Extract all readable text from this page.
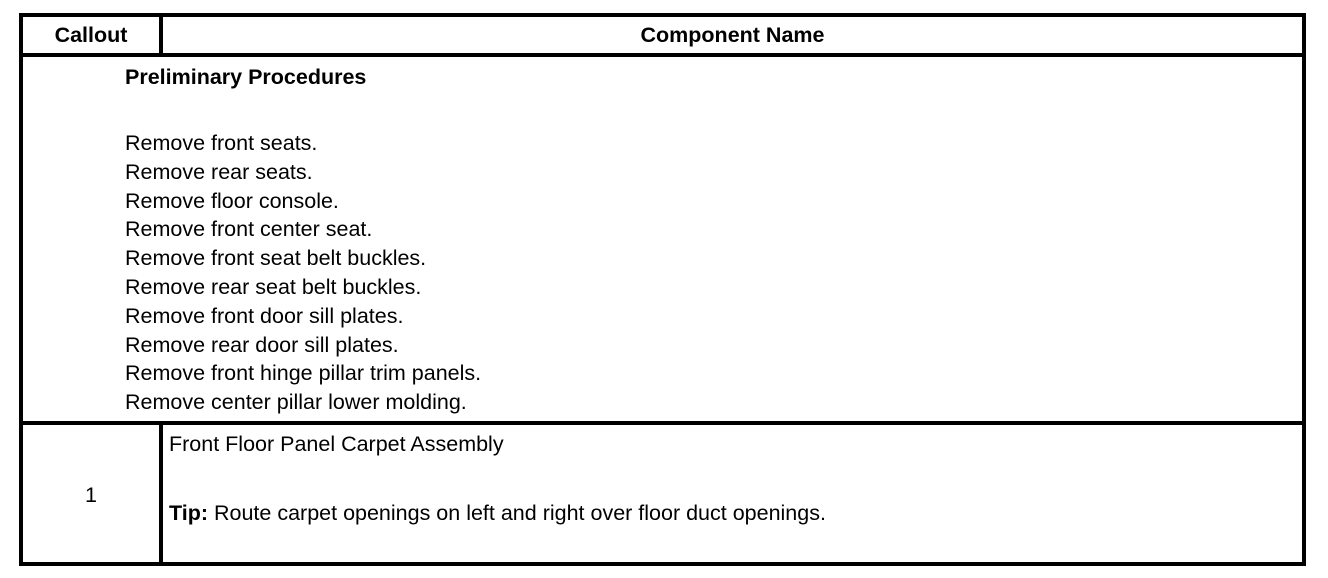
Callout	Component Name
Preliminary Procedures
Remove front seats.
Remove rear seats.
Remove floor console.
Remove front center seat.
Remove front seat belt buckles.
Remove rear seat belt buckles.
Remove front door sill plates.
Remove rear door sill plates.
Remove front hinge pillar trim panels.
Remove center pillar lower molding.
1
Front Floor Panel Carpet Assembly
Tip: Route carpet openings on left and right over floor duct openings.
